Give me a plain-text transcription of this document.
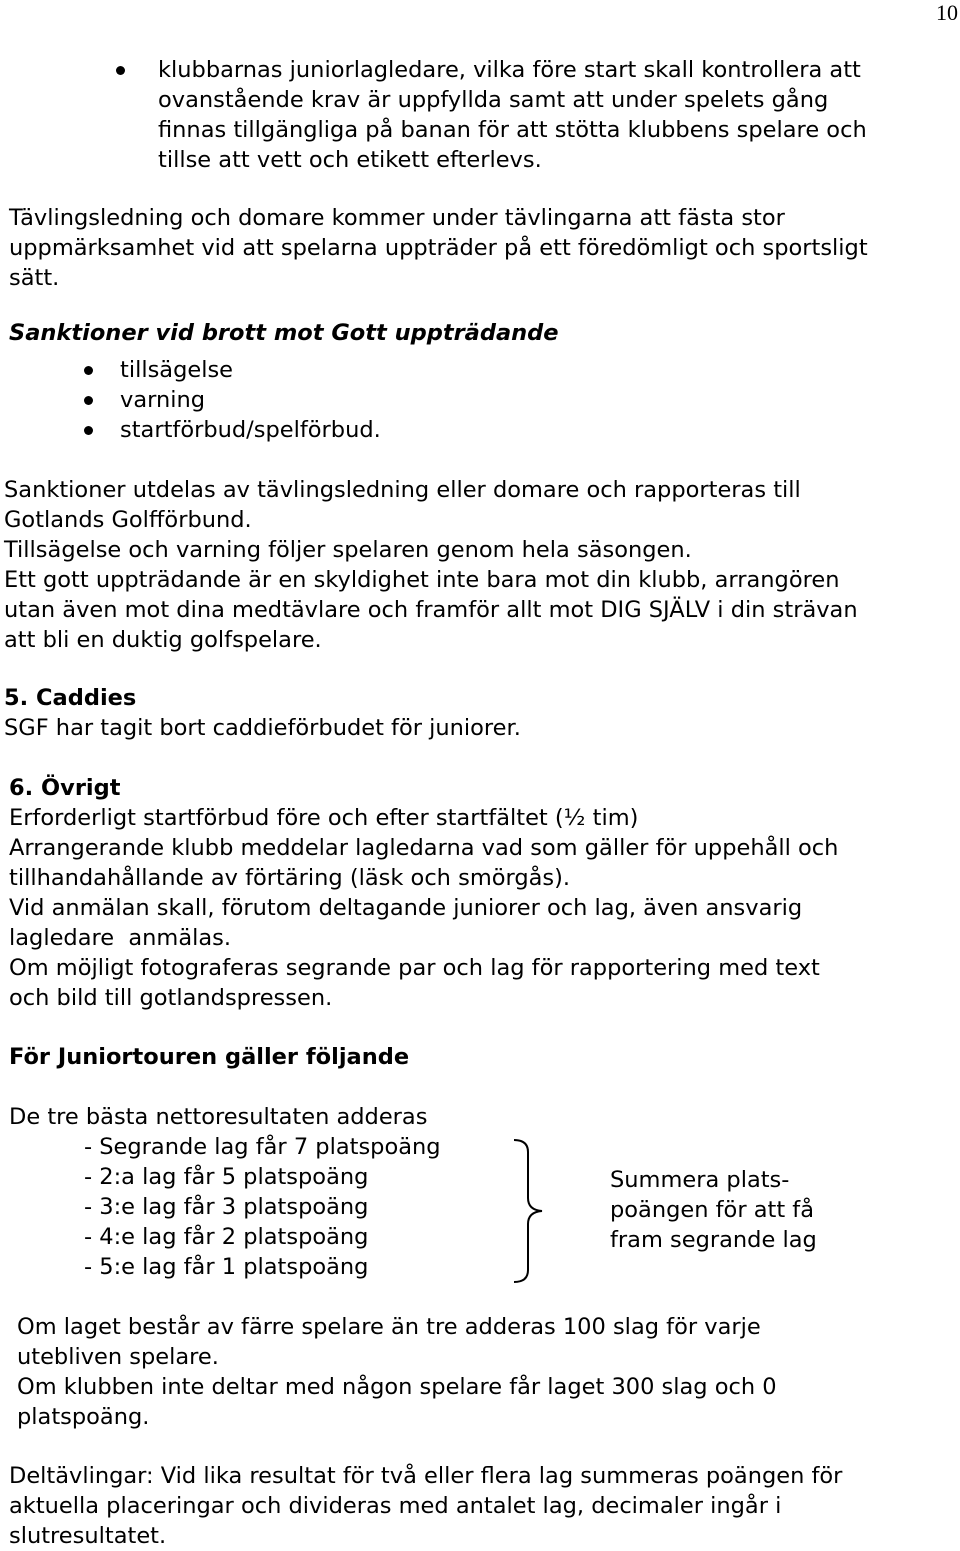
10
klubbarnas juniorlagledare, vilka före start skall kontrollera att
ovanstående krav är uppfyllda samt att under spelets gång
finnas tillgängliga på banan för att stötta klubbens spelare och
tillse att vett och etikett efterlevs.
Tävlingsledning och domare kommer under tävlingarna att fästa stor
uppmärksamhet vid att spelarna uppträder på ett föredömligt och sportsligt
sätt.
Sanktioner vid brott mot Gott uppträdande
tillsägelse
varning
startförbud/spelförbud.
Sanktioner utdelas av tävlingsledning eller domare och rapporteras till
Gotlands Golfförbund.
Tillsägelse och varning följer spelaren genom hela säsongen.
Ett gott uppträdande är en skyldighet inte bara mot din klubb, arrangören
utan även mot dina medtävlare och framför allt mot DIG SJÄLV i din strävan
att bli en duktig golfspelare.
5. Caddies
SGF har tagit bort caddieförbudet för juniorer.
6. Övrigt
Erforderligt startförbud före och efter startfältet (½ tim)
Arrangerande klubb meddelar lagledarna vad som gäller för uppehåll och
tillhandahållande av förtäring (läsk och smörgås).
Vid anmälan skall, förutom deltagande juniorer och lag, även ansvarig
lagledare  anmälas.
Om möjligt fotograferas segrande par och lag för rapportering med text
och bild till gotlandspressen.
För Juniortouren gäller följande
De tre bästa nettoresultaten adderas
- Segrande lag får 7 platspoäng
- 2:a lag får 5 platspoäng
- 3:e lag får 3 platspoäng
- 4:e lag får 2 platspoäng
- 5:e lag får 1 platspoäng
Summera plats-
poängen för att få
fram segrande lag
Om laget består av färre spelare än tre adderas 100 slag för varje
utebliven spelare.
Om klubben inte deltar med någon spelare får laget 300 slag och 0
platspoäng.
Deltävlingar: Vid lika resultat för två eller flera lag summeras poängen för
aktuella placeringar och divideras med antalet lag, decimaler ingår i
slutresultatet.
